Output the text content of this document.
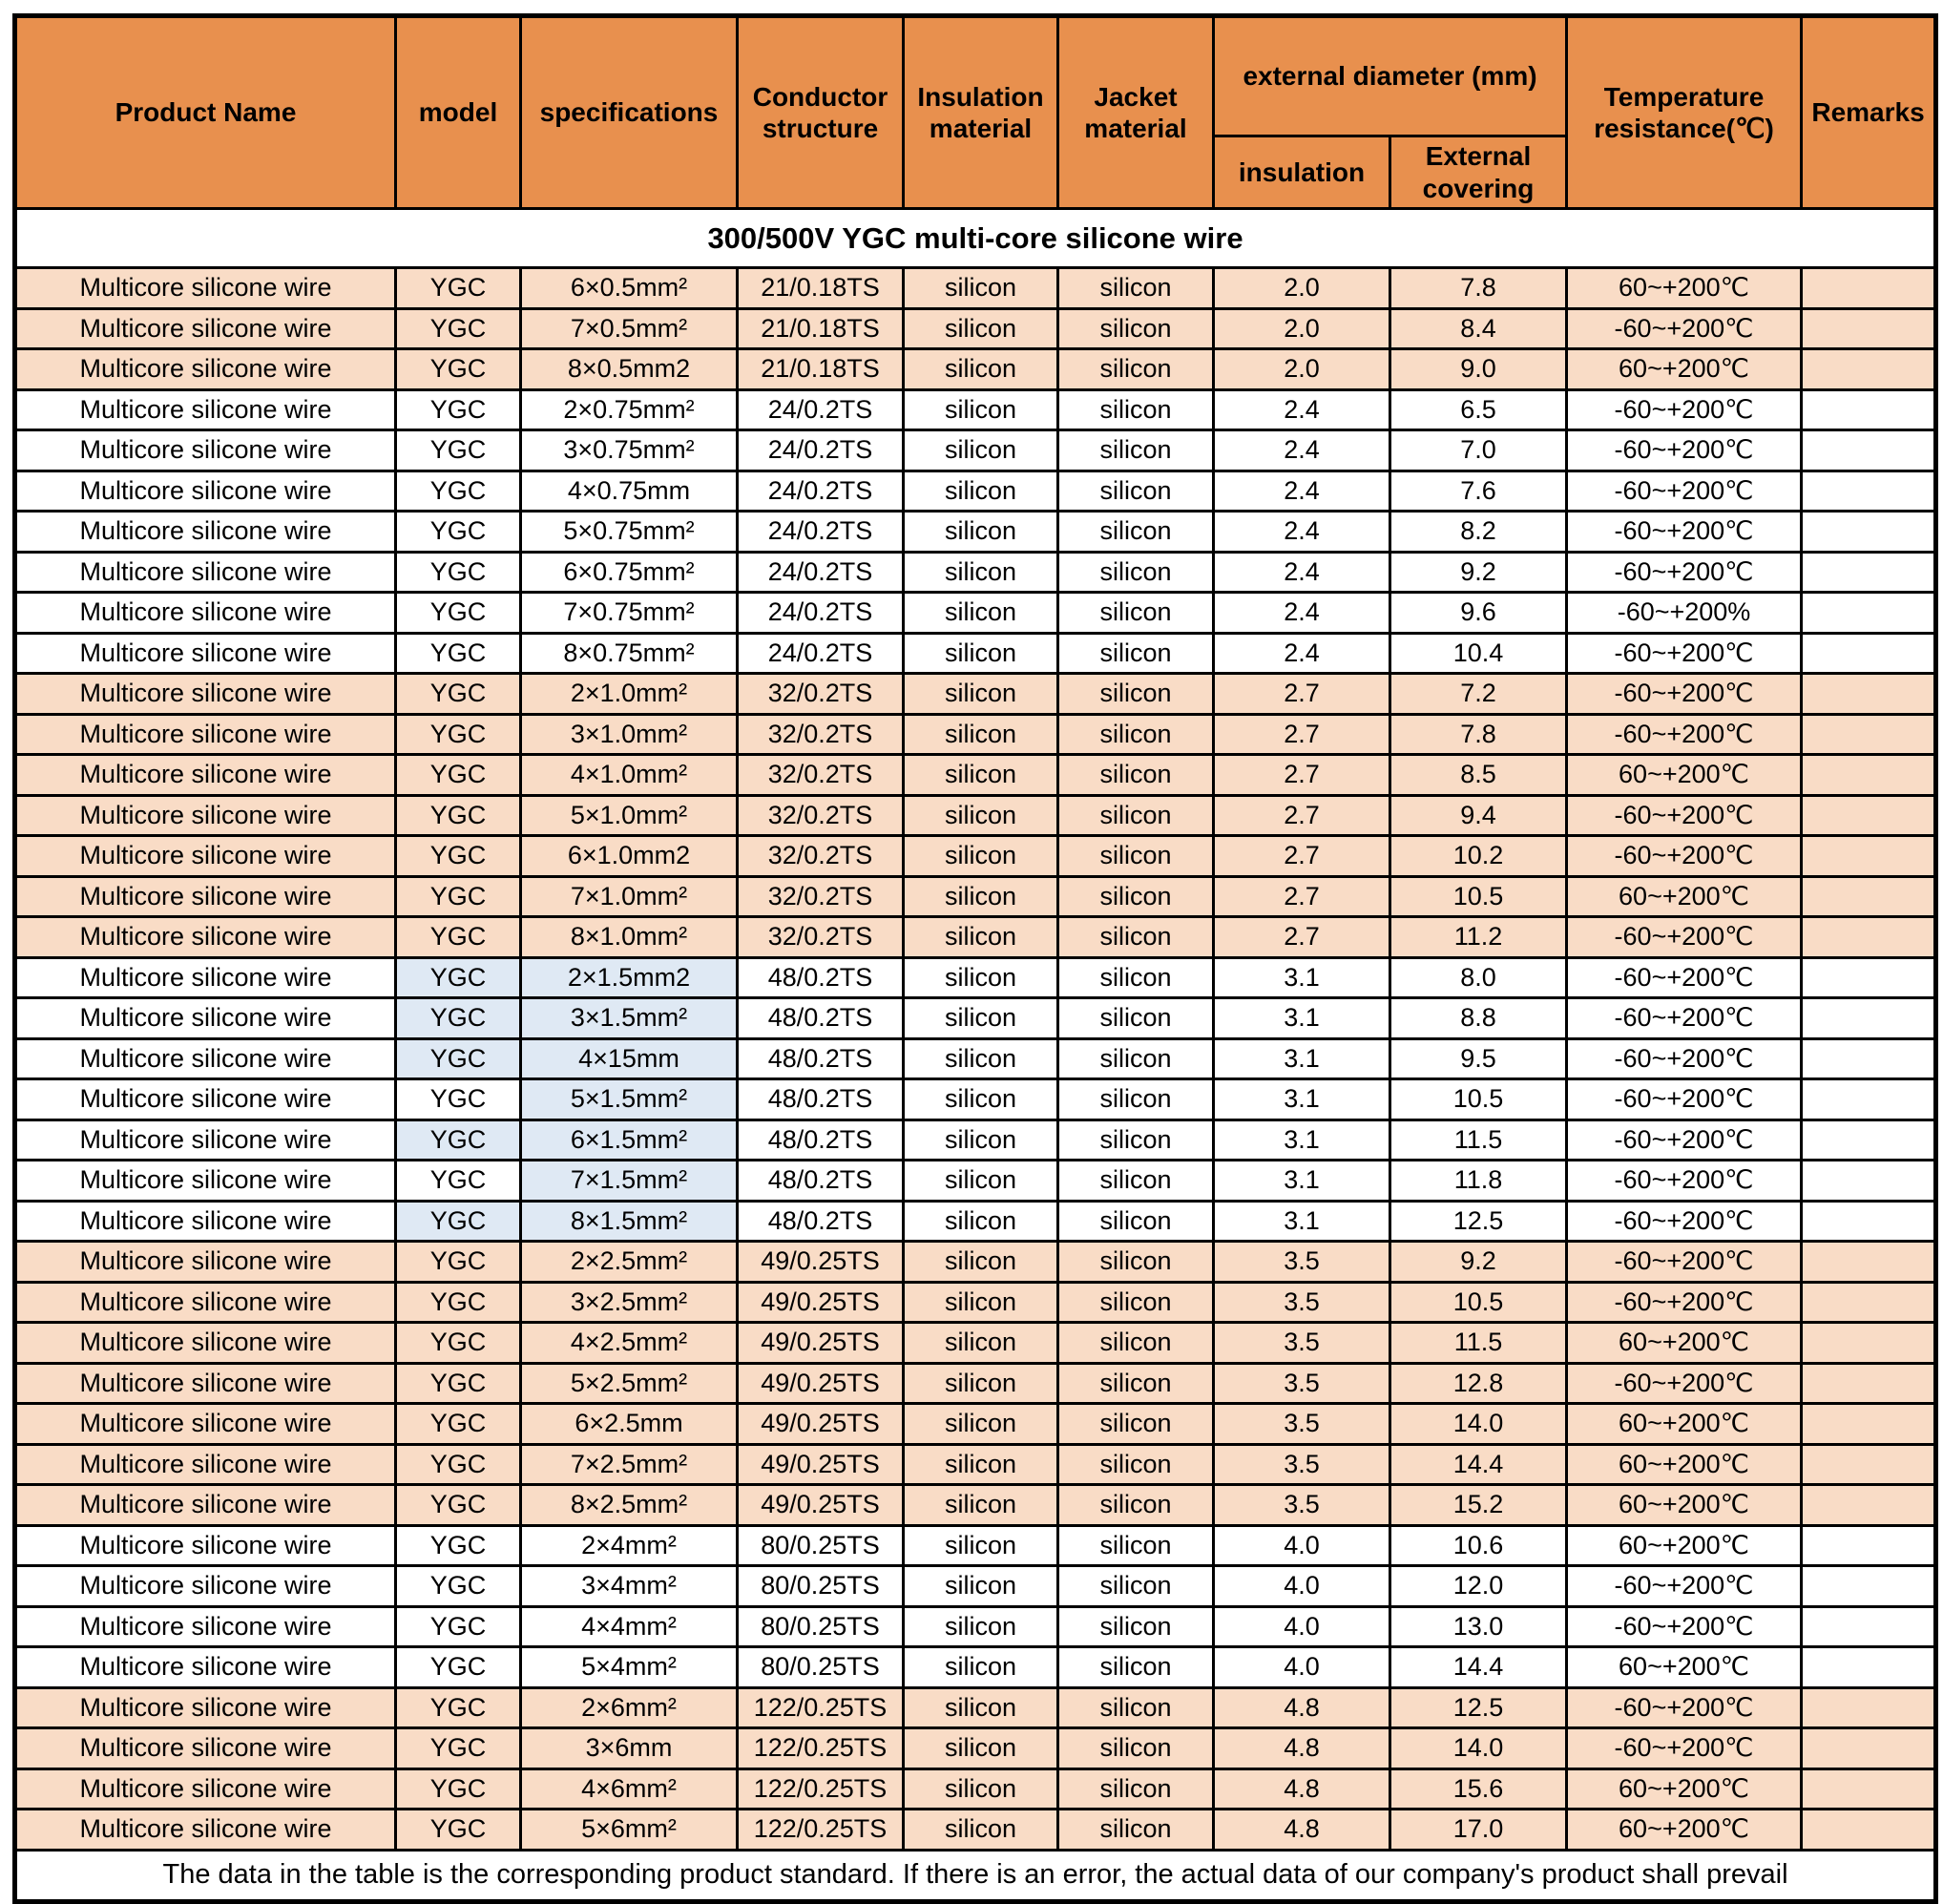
Product Name	model	specifications	Conductor structure	Insulation material	Jacket material	external diameter (mm)		Temperature resistance(℃)	Remarks
						insulation	External covering		
300/500V YGC multi-core silicone wire									
Multicore silicone wire	YGC	6×0.5mm²	21/0.18TS	silicon	silicon	2.0	7.8	60~+200℃	
Multicore silicone wire	YGC	7×0.5mm²	21/0.18TS	silicon	silicon	2.0	8.4	-60~+200℃	
Multicore silicone wire	YGC	8×0.5mm2	21/0.18TS	silicon	silicon	2.0	9.0	60~+200℃	
Multicore silicone wire	YGC	2×0.75mm²	24/0.2TS	silicon	silicon	2.4	6.5	-60~+200℃	
Multicore silicone wire	YGC	3×0.75mm²	24/0.2TS	silicon	silicon	2.4	7.0	-60~+200℃	
Multicore silicone wire	YGC	4×0.75mm	24/0.2TS	silicon	silicon	2.4	7.6	-60~+200℃	
Multicore silicone wire	YGC	5×0.75mm²	24/0.2TS	silicon	silicon	2.4	8.2	-60~+200℃	
Multicore silicone wire	YGC	6×0.75mm²	24/0.2TS	silicon	silicon	2.4	9.2	-60~+200℃	
Multicore silicone wire	YGC	7×0.75mm²	24/0.2TS	silicon	silicon	2.4	9.6	-60~+200%	
Multicore silicone wire	YGC	8×0.75mm²	24/0.2TS	silicon	silicon	2.4	10.4	-60~+200℃	
Multicore silicone wire	YGC	2×1.0mm²	32/0.2TS	silicon	silicon	2.7	7.2	-60~+200℃	
Multicore silicone wire	YGC	3×1.0mm²	32/0.2TS	silicon	silicon	2.7	7.8	-60~+200℃	
Multicore silicone wire	YGC	4×1.0mm²	32/0.2TS	silicon	silicon	2.7	8.5	60~+200℃	
Multicore silicone wire	YGC	5×1.0mm²	32/0.2TS	silicon	silicon	2.7	9.4	-60~+200℃	
Multicore silicone wire	YGC	6×1.0mm2	32/0.2TS	silicon	silicon	2.7	10.2	-60~+200℃	
Multicore silicone wire	YGC	7×1.0mm²	32/0.2TS	silicon	silicon	2.7	10.5	60~+200℃	
Multicore silicone wire	YGC	8×1.0mm²	32/0.2TS	silicon	silicon	2.7	11.2	-60~+200℃	
Multicore silicone wire	YGC	2×1.5mm2	48/0.2TS	silicon	silicon	3.1	8.0	-60~+200℃	
Multicore silicone wire	YGC	3×1.5mm²	48/0.2TS	silicon	silicon	3.1	8.8	-60~+200℃	
Multicore silicone wire	YGC	4×15mm	48/0.2TS	silicon	silicon	3.1	9.5	-60~+200℃	
Multicore silicone wire	YGC	5×1.5mm²	48/0.2TS	silicon	silicon	3.1	10.5	-60~+200℃	
Multicore silicone wire	YGC	6×1.5mm²	48/0.2TS	silicon	silicon	3.1	11.5	-60~+200℃	
Multicore silicone wire	YGC	7×1.5mm²	48/0.2TS	silicon	silicon	3.1	11.8	-60~+200℃	
Multicore silicone wire	YGC	8×1.5mm²	48/0.2TS	silicon	silicon	3.1	12.5	-60~+200℃	
Multicore silicone wire	YGC	2×2.5mm²	49/0.25TS	silicon	silicon	3.5	9.2	-60~+200℃	
Multicore silicone wire	YGC	3×2.5mm²	49/0.25TS	silicon	silicon	3.5	10.5	-60~+200℃	
Multicore silicone wire	YGC	4×2.5mm²	49/0.25TS	silicon	silicon	3.5	11.5	60~+200℃	
Multicore silicone wire	YGC	5×2.5mm²	49/0.25TS	silicon	silicon	3.5	12.8	-60~+200℃	
Multicore silicone wire	YGC	6×2.5mm	49/0.25TS	silicon	silicon	3.5	14.0	60~+200℃	
Multicore silicone wire	YGC	7×2.5mm²	49/0.25TS	silicon	silicon	3.5	14.4	60~+200℃	
Multicore silicone wire	YGC	8×2.5mm²	49/0.25TS	silicon	silicon	3.5	15.2	60~+200℃	
Multicore silicone wire	YGC	2×4mm²	80/0.25TS	silicon	silicon	4.0	10.6	60~+200℃	
Multicore silicone wire	YGC	3×4mm²	80/0.25TS	silicon	silicon	4.0	12.0	-60~+200℃	
Multicore silicone wire	YGC	4×4mm²	80/0.25TS	silicon	silicon	4.0	13.0	-60~+200℃	
Multicore silicone wire	YGC	5×4mm²	80/0.25TS	silicon	silicon	4.0	14.4	60~+200℃	
Multicore silicone wire	YGC	2×6mm²	122/0.25TS	silicon	silicon	4.8	12.5	-60~+200℃	
Multicore silicone wire	YGC	3×6mm	122/0.25TS	silicon	silicon	4.8	14.0	-60~+200℃	
Multicore silicone wire	YGC	4×6mm²	122/0.25TS	silicon	silicon	4.8	15.6	60~+200℃	
Multicore silicone wire	YGC	5×6mm²	122/0.25TS	silicon	silicon	4.8	17.0	60~+200℃	
The data in the table is the corresponding product standard. If there is an error, the actual data of our company's product shall prevail									
